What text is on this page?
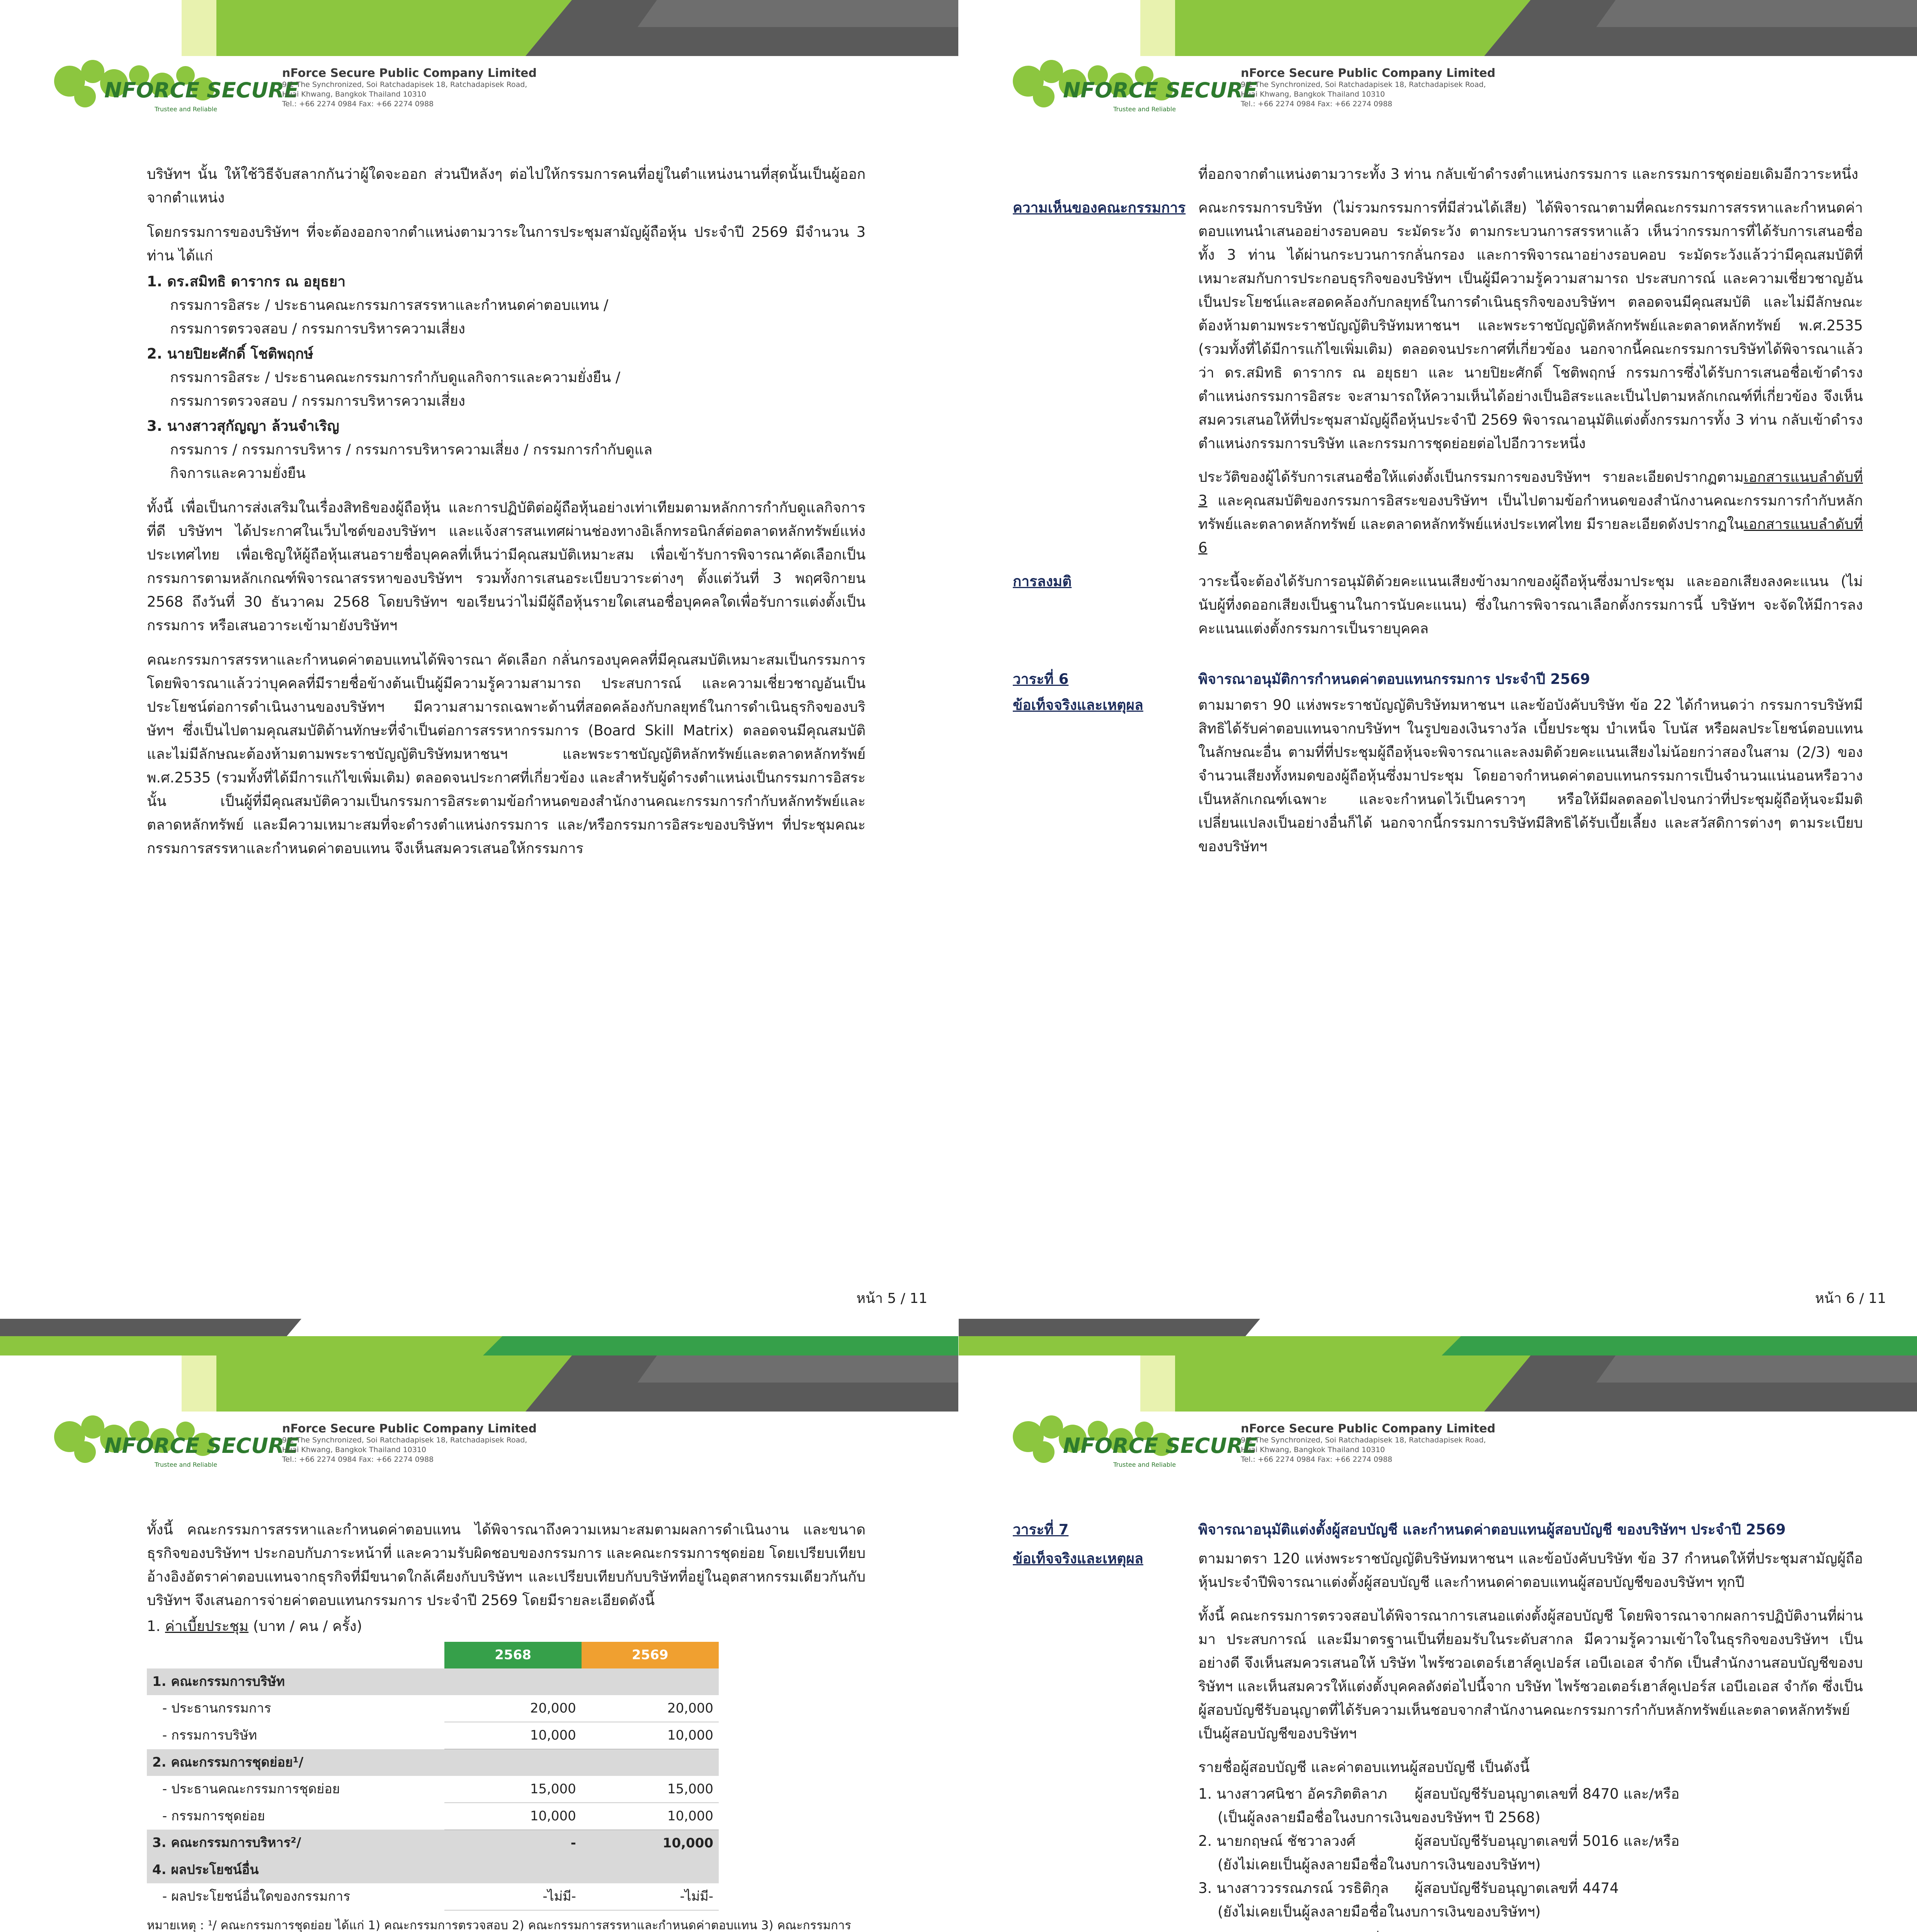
NFORCE SECURE
Trustee and Reliable
nForce Secure Public Company Limited
9/2 The Synchronized, Soi Ratchadapisek 18, Ratchadapisek Road,
Huai Khwang, Bangkok Thailand 10310
Tel.: +66 2274 0984 Fax: +66 2274 0988

บริษัทฯ นั้น ให้ใช้วิธีจับสลากกันว่าผู้ใดจะออก ส่วนปีหลังๆ ต่อไปให้กรรมการคนที่อยู่ในตำแหน่งนานที่สุดนั้นเป็นผู้ออกจากตำแหน่ง

โดยกรรมการของบริษัทฯ ที่จะต้องออกจากตำแหน่งตามวาระในการประชุมสามัญผู้ถือหุ้น ประจำปี 2569 มีจำนวน 3 ท่าน ได้แก่

1. ดร.สมิทธิ ดารากร ณ อยุธยา
กรรมการอิสระ / ประธานคณะกรรมการสรรหาและกำหนดค่าตอบแทน /
กรรมการตรวจสอบ / กรรมการบริหารความเสี่ยง
2. นายปิยะศักดิ์ โชติพฤกษ์
กรรมการอิสระ / ประธานคณะกรรมการกำกับดูแลกิจการและความยั่งยืน /
กรรมการตรวจสอบ / กรรมการบริหารความเสี่ยง
3. นางสาวสุกัญญา ล้วนจำเริญ
กรรมการ / กรรมการบริหาร / กรรมการบริหารความเสี่ยง / กรรมการกำกับดูแล
กิจการและความยั่งยืน

ทั้งนี้ เพื่อเป็นการส่งเสริมในเรื่องสิทธิของผู้ถือหุ้น และการปฏิบัติต่อผู้ถือหุ้นอย่างเท่าเทียมตามหลักการกำกับดูแลกิจการที่ดี บริษัทฯ ได้ประกาศในเว็บไซต์ของบริษัทฯ และแจ้งสารสนเทศผ่านช่องทางอิเล็กทรอนิกส์ต่อตลาดหลักทรัพย์แห่งประเทศไทย เพื่อเชิญให้ผู้ถือหุ้นเสนอรายชื่อบุคคลที่เห็นว่ามีคุณสมบัติเหมาะสม เพื่อเข้ารับการพิจารณาคัดเลือกเป็นกรรมการตามหลักเกณฑ์พิจารณาสรรหาของบริษัทฯ รวมทั้งการเสนอระเบียบวาระต่างๆ ตั้งแต่วันที่ 3 พฤศจิกายน 2568 ถึงวันที่ 30 ธันวาคม 2568 โดยบริษัทฯ ขอเรียนว่าไม่มีผู้ถือหุ้นรายใดเสนอชื่อบุคคลใดเพื่อรับการแต่งตั้งเป็นกรรมการ หรือเสนอวาระเข้ามายังบริษัทฯ

คณะกรรมการสรรหาและกำหนดค่าตอบแทนได้พิจารณา คัดเลือก กลั่นกรองบุคคลที่มีคุณสมบัติเหมาะสมเป็นกรรมการ โดยพิจารณาแล้วว่าบุคคลที่มีรายชื่อข้างต้นเป็นผู้มีความรู้ความสามารถ ประสบการณ์ และความเชี่ยวชาญอันเป็นประโยชน์ต่อการดำเนินงานของบริษัทฯ มีความสามารถเฉพาะด้านที่สอดคล้องกับกลยุทธ์ในการดำเนินธุรกิจของบริษัทฯ ซึ่งเป็นไปตามคุณสมบัติด้านทักษะที่จำเป็นต่อการสรรหากรรมการ (Board Skill Matrix) ตลอดจนมีคุณสมบัติ และไม่มีลักษณะต้องห้ามตามพระราชบัญญัติบริษัทมหาชนฯ และพระราชบัญญัติหลักทรัพย์และตลาดหลักทรัพย์ พ.ศ.2535 (รวมทั้งที่ได้มีการแก้ไขเพิ่มเติม) ตลอดจนประกาศที่เกี่ยวข้อง และสำหรับผู้ดำรงตำแหน่งเป็นกรรมการอิสระนั้น เป็นผู้ที่มีคุณสมบัติความเป็นกรรมการอิสระตามข้อกำหนดของสำนักงานคณะกรรมการกำกับหลักทรัพย์และตลาดหลักทรัพย์ และมีความเหมาะสมที่จะดำรงตำแหน่งกรรมการ และ/หรือกรรมการอิสระของบริษัทฯ ที่ประชุมคณะกรรมการสรรหาและกำหนดค่าตอบแทน จึงเห็นสมควรเสนอให้กรรมการ

หน้า 5 / 11
NFORCE SECURE
Trustee and Reliable
nForce Secure Public Company Limited
9/2 The Synchronized, Soi Ratchadapisek 18, Ratchadapisek Road,
Huai Khwang, Bangkok Thailand 10310
Tel.: +66 2274 0984 Fax: +66 2274 0988
ที่ออกจากตำแหน่งตามวาระทั้ง 3 ท่าน กลับเข้าดำรงตำแหน่งกรรมการ และกรรมการชุดย่อยเดิมอีกวาระหนึ่ง
ความเห็นของคณะกรรมการ คณะกรรมการบริษัท (ไม่รวมกรรมการที่มีส่วนได้เสีย) ได้พิจารณาตามที่คณะกรรมการสรรหาและกำหนดค่าตอบแทนนำเสนออย่างรอบคอบ ระมัดระวัง ตามกระบวนการสรรหาแล้ว เห็นว่ากรรมการที่ได้รับการเสนอชื่อทั้ง 3 ท่าน ได้ผ่านกระบวนการกลั่นกรอง และการพิจารณาอย่างรอบคอบ ระมัดระวังแล้วว่ามีคุณสมบัติที่เหมาะสมกับการประกอบธุรกิจของบริษัทฯ เป็นผู้มีความรู้ความสามารถ ประสบการณ์ และความเชี่ยวชาญอันเป็นประโยชน์และสอดคล้องกับกลยุทธ์ในการดำเนินธุรกิจของบริษัทฯ ตลอดจนมีคุณสมบัติ และไม่มีลักษณะต้องห้ามตามพระราชบัญญัติบริษัทมหาชนฯ และพระราชบัญญัติหลักทรัพย์และตลาดหลักทรัพย์ พ.ศ.2535 (รวมทั้งที่ได้มีการแก้ไขเพิ่มเติม) ตลอดจนประกาศที่เกี่ยวข้อง นอกจากนี้คณะกรรมการบริษัทได้พิจารณาแล้วว่า ดร.สมิทธิ ดารากร ณ อยุธยา และ นายปิยะศักดิ์ โชติพฤกษ์ กรรมการซึ่งได้รับการเสนอชื่อเข้าดำรงตำแหน่งกรรมการอิสระ จะสามารถให้ความเห็นได้อย่างเป็นอิสระและเป็นไปตามหลักเกณฑ์ที่เกี่ยวข้อง จึงเห็นสมควรเสนอให้ที่ประชุมสามัญผู้ถือหุ้นประจำปี 2569 พิจารณาอนุมัติแต่งตั้งกรรมการทั้ง 3 ท่าน กลับเข้าดำรงตำแหน่งกรรมการบริษัท และกรรมการชุดย่อยต่อไปอีกวาระหนึ่ง
ประวัติของผู้ได้รับการเสนอชื่อให้แต่งตั้งเป็นกรรมการของบริษัทฯ รายละเอียดปรากฏตามเอกสารแนบลำดับที่ 3 และคุณสมบัติของกรรมการอิสระของบริษัทฯ เป็นไปตามข้อกำหนดของสำนักงานคณะกรรมการกำกับหลักทรัพย์และตลาดหลักทรัพย์ และตลาดหลักทรัพย์แห่งประเทศไทย มีรายละเอียดดังปรากฏในเอกสารแนบลำดับที่ 6
การลงมติ	วาระนี้จะต้องได้รับการอนุมัติด้วยคะแนนเสียงข้างมากของผู้ถือหุ้นซึ่งมาประชุม และออกเสียงลงคะแนน (ไม่นับผู้ที่งดออกเสียงเป็นฐานในการนับคะแนน) ซึ่งในการพิจารณาเลือกตั้งกรรมการนี้ บริษัทฯ จะจัดให้มีการลงคะแนนแต่งตั้งกรรมการเป็นรายบุคคล
วาระที่ 6	พิจารณาอนุมัติการกำหนดค่าตอบแทนกรรมการ ประจำปี 2569
ข้อเท็จจริงและเหตุผล	ตามมาตรา 90 แห่งพระราชบัญญัติบริษัทมหาชนฯ และข้อบังคับบริษัท ข้อ 22 ได้กำหนดว่า กรรมการบริษัทมีสิทธิได้รับค่าตอบแทนจากบริษัทฯ ในรูปของเงินรางวัล เบี้ยประชุม บำเหน็จ โบนัส หรือผลประโยชน์ตอบแทนในลักษณะอื่น ตามที่ที่ประชุมผู้ถือหุ้นจะพิจารณาและลงมติด้วยคะแนนเสียงไม่น้อยกว่าสองในสาม (2/3) ของจำนวนเสียงทั้งหมดของผู้ถือหุ้นซึ่งมาประชุม โดยอาจกำหนดค่าตอบแทนกรรมการเป็นจำนวนแน่นอนหรือวางเป็นหลักเกณฑ์เฉพาะ และจะกำหนดไว้เป็นคราวๆ หรือให้มีผลตลอดไปจนกว่าที่ประชุมผู้ถือหุ้นจะมีมติเปลี่ยนแปลงเป็นอย่างอื่นก็ได้ นอกจากนี้กรรมการบริษัทมีสิทธิได้รับเบี้ยเลี้ยง และสวัสดิการต่างๆ ตามระเบียบของบริษัทฯ
หน้า 6 / 11
NFORCE SECURE
Trustee and Reliable
nForce Secure Public Company Limited
9/2 The Synchronized, Soi Ratchadapisek 18, Ratchadapisek Road,
Huai Khwang, Bangkok Thailand 10310
Tel.: +66 2274 0984 Fax: +66 2274 0988

ทั้งนี้ คณะกรรมการสรรหาและกำหนดค่าตอบแทน ได้พิจารณาถึงความเหมาะสมตามผลการดำเนินงาน และขนาดธุรกิจของบริษัทฯ ประกอบกับภาระหน้าที่ และความรับผิดชอบของกรรมการ และคณะกรรมการชุดย่อย โดยเปรียบเทียบอ้างอิงอัตราค่าตอบแทนจากธุรกิจที่มีขนาดใกล้เคียงกับบริษัทฯ และเปรียบเทียบกับบริษัทที่อยู่ในอุตสาหกรรมเดียวกันกับบริษัทฯ จึงเสนอการจ่ายค่าตอบแทนกรรมการ ประจำปี 2569 โดยมีรายละเอียดดังนี้

1. ค่าเบี้ยประชุม (บาท / คน / ครั้ง)
	2568	2569
1. คณะกรรมการบริษัท		
- ประธานกรรมการ	20,000	20,000
- กรรมการบริษัท	10,000	10,000
2. คณะกรรมการชุดย่อย¹/		
- ประธานคณะกรรมการชุดย่อย	15,000	15,000
- กรรมการชุดย่อย	10,000	10,000
3. คณะกรรมการบริหาร²/	-	10,000
4. ผลประโยชน์อื่น		
- ผลประโยชน์อื่นใดของกรรมการ	-ไม่มี-	-ไม่มี-
หมายเหตุ : ¹/ คณะกรรมการชุดย่อย ได้แก่ 1) คณะกรรมการตรวจสอบ 2) คณะกรรมการสรรหาและกำหนดค่าตอบแทน 3) คณะกรรมการ

NFORCE SECURE
Trustee and Reliable
nForce Secure Public Company Limited
9/2 The Synchronized, Soi Ratchadapisek 18, Ratchadapisek Road,
Huai Khwang, Bangkok Thailand 10310
Tel.: +66 2274 0984 Fax: +66 2274 0988
วาระที่ 7	พิจารณาอนุมัติแต่งตั้งผู้สอบบัญชี และกำหนดค่าตอบแทนผู้สอบบัญชี ของบริษัทฯ ประจำปี 2569
ข้อเท็จจริงและเหตุผล	ตามมาตรา 120 แห่งพระราชบัญญัติบริษัทมหาชนฯ และข้อบังคับบริษัท ข้อ 37 กำหนดให้ที่ประชุมสามัญผู้ถือหุ้นประจำปีพิจารณาแต่งตั้งผู้สอบบัญชี และกำหนดค่าตอบแทนผู้สอบบัญชีของบริษัทฯ ทุกปี
ทั้งนี้ คณะกรรมการตรวจสอบได้พิจารณาการเสนอแต่งตั้งผู้สอบบัญชี โดยพิจารณาจากผลการปฏิบัติงานที่ผ่านมา ประสบการณ์ และมีมาตรฐานเป็นที่ยอมรับในระดับสากล มีความรู้ความเข้าใจในธุรกิจของบริษัทฯ เป็นอย่างดี จึงเห็นสมควรเสนอให้ บริษัท ไพร้ซวอเตอร์เฮาส์คูเปอร์ส เอบีเอเอส จำกัด เป็นสำนักงานสอบบัญชีของบริษัทฯ และเห็นสมควรให้แต่งตั้งบุคคลดังต่อไปนี้จาก บริษัท ไพร้ซวอเตอร์เฮาส์คูเปอร์ส เอบีเอเอส จำกัด ซึ่งเป็นผู้สอบบัญชีรับอนุญาตที่ได้รับความเห็นชอบจากสำนักงานคณะกรรมการกำกับหลักทรัพย์และตลาดหลักทรัพย์ เป็นผู้สอบบัญชีของบริษัทฯ
รายชื่อผู้สอบบัญชี และค่าตอบแทนผู้สอบบัญชี เป็นดังนี้
1. นางสาวศนิชา อัครภิตติลาภ	ผู้สอบบัญชีรับอนุญาตเลขที่ 8470 และ/หรือ
(เป็นผู้ลงลายมือชื่อในงบการเงินของบริษัทฯ ปี 2568)
2. นายกฤษณ์ ชัชวาลวงศ์	ผู้สอบบัญชีรับอนุญาตเลขที่ 5016 และ/หรือ
(ยังไม่เคยเป็นผู้ลงลายมือชื่อในงบการเงินของบริษัทฯ)
3. นางสาววรรณภรณ์ วรธิติกุล	ผู้สอบบัญชีรับอนุญาตเลขที่ 4474
(ยังไม่เคยเป็นผู้ลงลายมือชื่อในงบการเงินของบริษัทฯ)
